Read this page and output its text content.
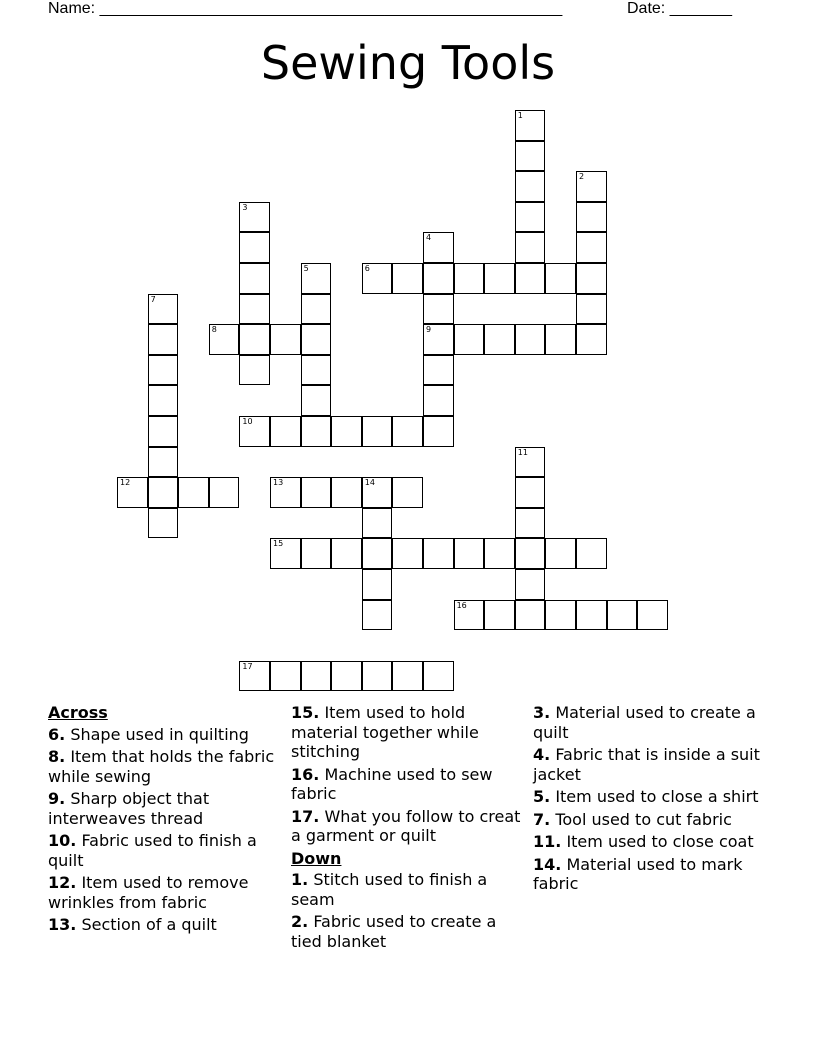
Name: ____________________________________________________	Date: _______
Sewing Tools
1
2
3
4
9
5	6
7
8
10
11
12	13	14
15
16
17
Across
6. Shape used in quilting
8. Item that holds the fabric while sewing
9. Sharp object that interweaves thread
10. Fabric used to finish a quilt
12. Item used to remove wrinkles from fabric
13. Section of a quilt
15. Item used to hold material together while stitching
16. Machine used to sew fabric
17. What you follow to creat a garment or quilt
Down
1. Stitch used to finish a seam
2. Fabric used to create a tied blanket
3. Material used to create a quilt
4. Fabric that is inside a suit jacket
5. Item used to close a shirt
7. Tool used to cut fabric
11. Item used to close coat
14. Material used to mark fabric
